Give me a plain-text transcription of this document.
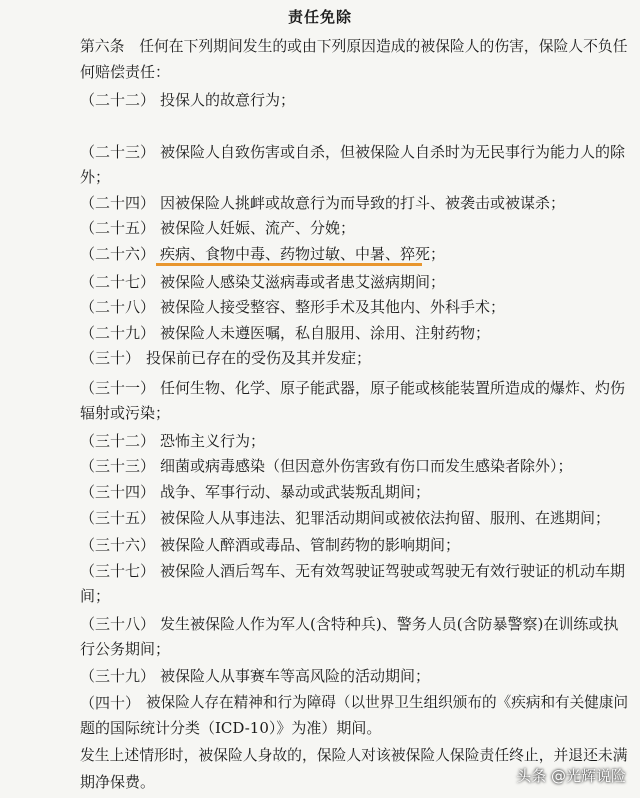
责任免除
第六条　任何在下列期间发生的或由下列原因造成的被保险人的伤害，保险人不负任
何赔偿责任：
（二十二） 投保人的故意行为；
（二十三） 被保险人自致伤害或自杀，但被保险人自杀时为无民事行为能力人的除
外；
（二十四） 因被保险人挑衅或故意行为而导致的打斗、被袭击或被谋杀；
（二十五） 被保险人妊娠、流产、分娩；
（二十六） 疾病、食物中毒、药物过敏、中暑、猝死；
（二十七） 被保险人感染艾滋病毒或者患艾滋病期间；
（二十八） 被保险人接受整容、整形手术及其他内、外科手术；
（二十九） 被保险人未遵医嘱，私自服用、涂用、注射药物；
（三十） 投保前已存在的受伤及其并发症；
（三十一） 任何生物、化学、原子能武器，原子能或核能装置所造成的爆炸、灼伤
辐射或污染；
（三十二） 恐怖主义行为；
（三十三） 细菌或病毒感染（但因意外伤害致有伤口而发生感染者除外）；
（三十四） 战争、军事行动、暴动或武装叛乱期间；
（三十五） 被保险人从事违法、犯罪活动期间或被依法拘留、服刑、在逃期间；
（三十六） 被保险人醉酒或毒品、管制药物的影响期间；
（三十七） 被保险人酒后驾车、无有效驾驶证驾驶或驾驶无有效行驶证的机动车期
间；
（三十八） 发生被保险人作为军人(含特种兵)、警务人员(含防暴警察)在训练或执
行公务期间；
（三十九） 被保险人从事赛车等高风险的活动期间；
（四十） 被保险人存在精神和行为障碍（以世界卫生组织颁布的《疾病和有关健康问
题的国际统计分类（ICD-10）》为准）期间。
发生上述情形时，被保险人身故的，保险人对该被保险人保险责任终止，并退还未满
期净保费。	头条 @光辉说险
